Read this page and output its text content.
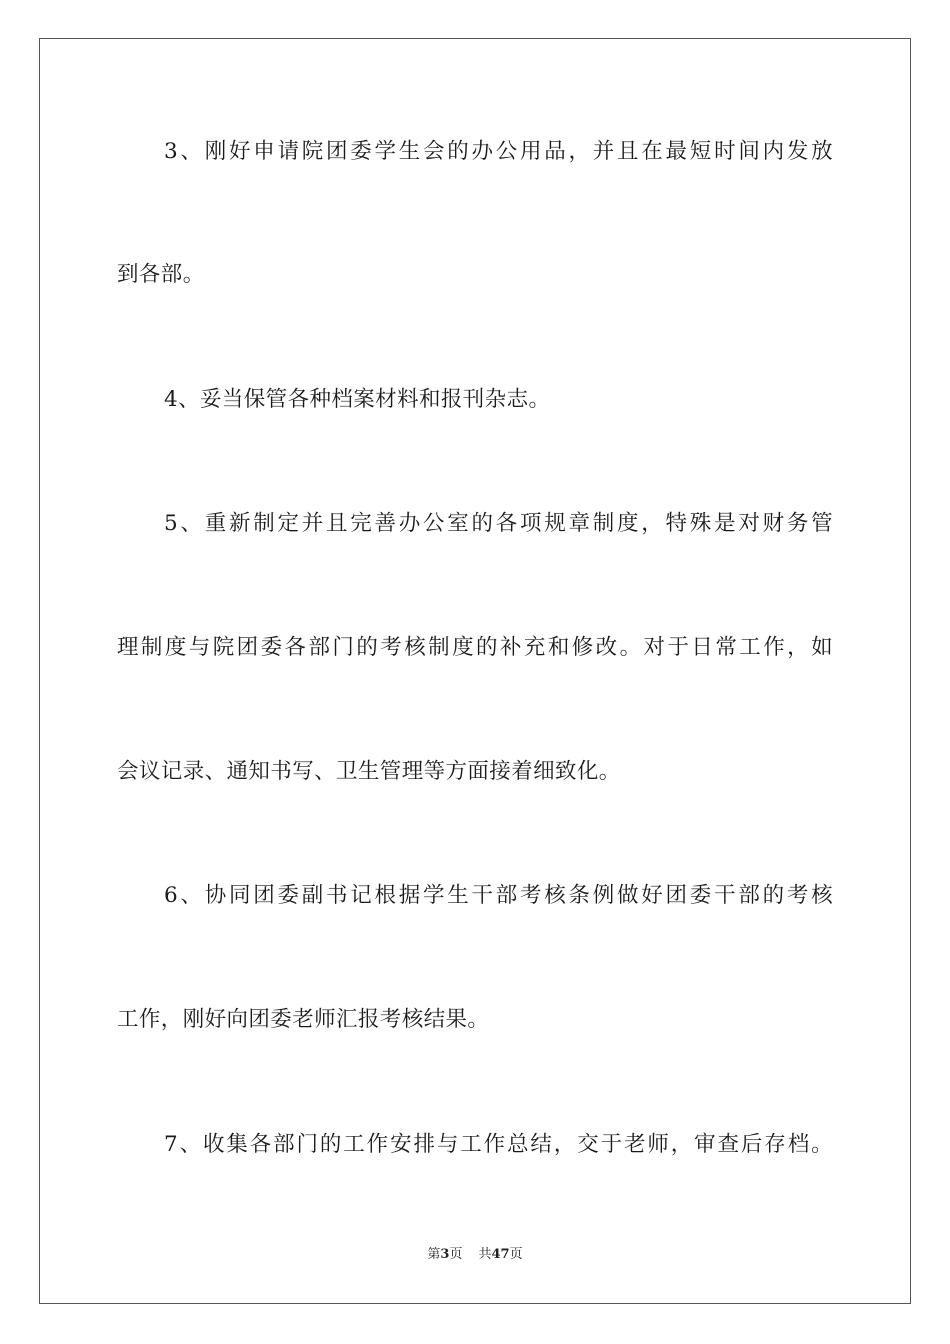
3、刚好申请院团委学生会的办公用品，并且在最短时间内发放
到各部。
4、妥当保管各种档案材料和报刊杂志。
5、重新制定并且完善办公室的各项规章制度，特殊是对财务管
理制度与院团委各部门的考核制度的补充和修改。对于日常工作，如
会议记录、通知书写、卫生管理等方面接着细致化。
6、协同团委副书记根据学生干部考核条例做好团委干部的考核
工作，刚好向团委老师汇报考核结果。
7、收集各部门的工作安排与工作总结，交于老师，审查后存档。
第3页 共47页
